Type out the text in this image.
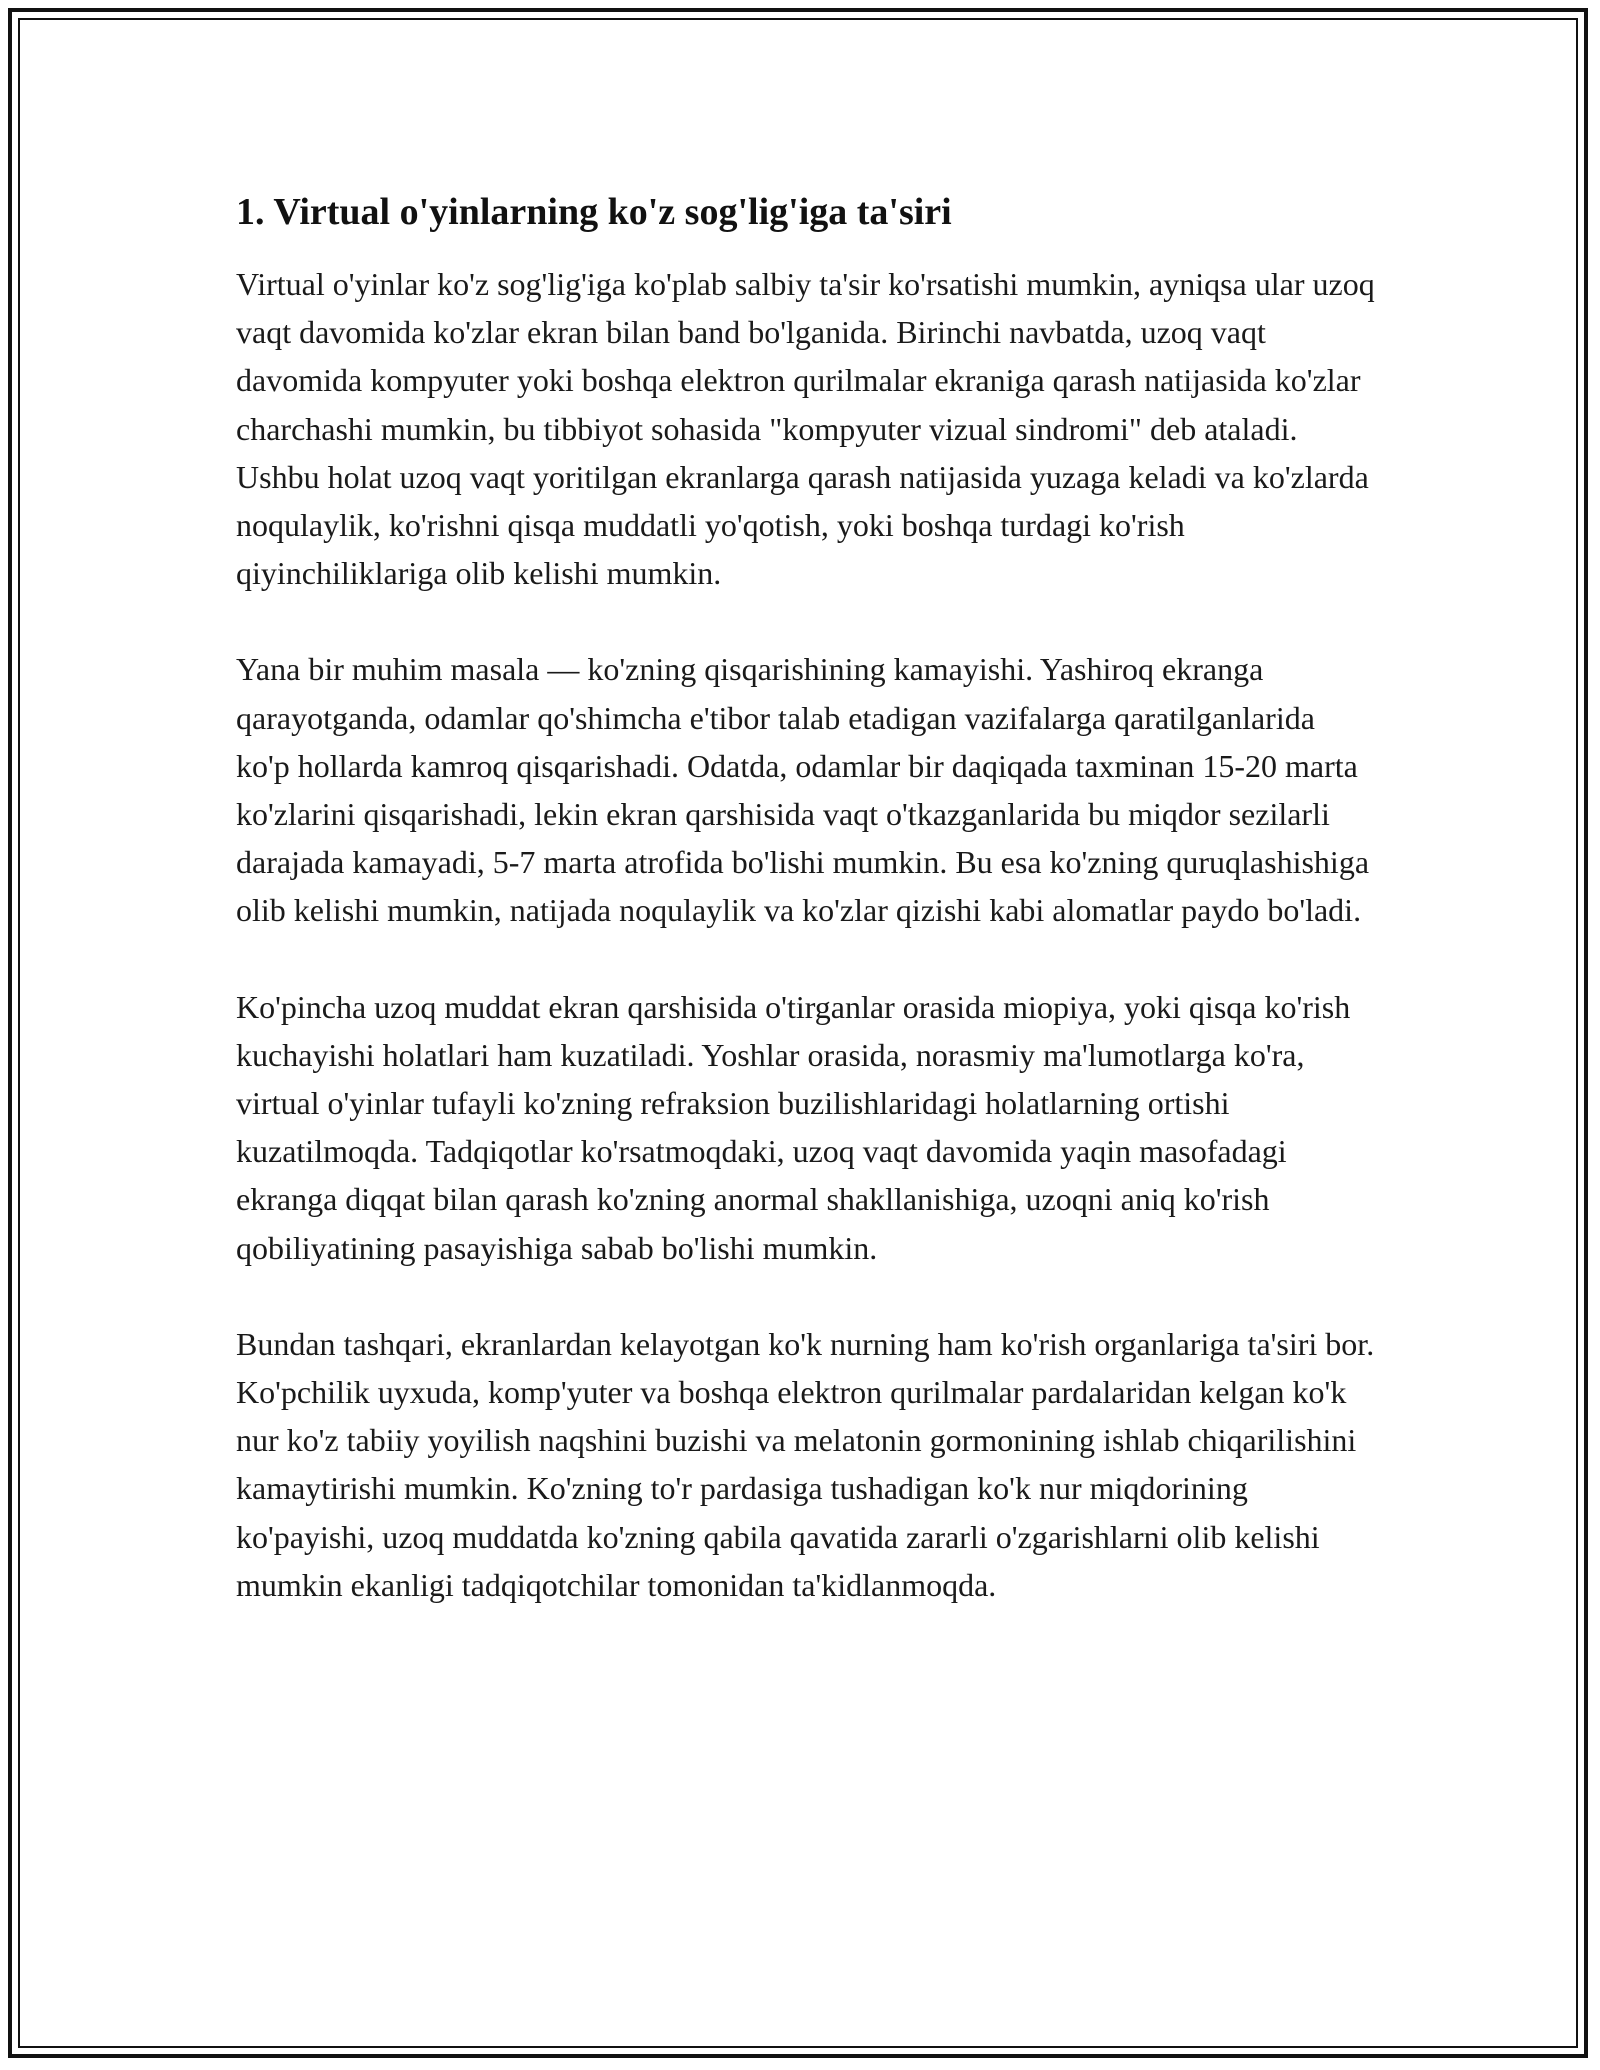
1. Virtual o'yinlarning ko'z sog'lig'iga ta'siri

Virtual o'yinlar ko'z sog'lig'iga ko'plab salbiy ta'sir ko'rsatishi mumkin, ayniqsa ular uzoq vaqt davomida ko'zlar ekran bilan band bo'lganida. Birinchi navbatda, uzoq vaqt davomida kompyuter yoki boshqa elektron qurilmalar ekraniga qarash natijasida ko'zlar charchashi mumkin, bu tibbiyot sohasida "kompyuter vizual sindromi" deb ataladi. Ushbu holat uzoq vaqt yoritilgan ekranlarga qarash natijasida yuzaga keladi va ko'zlarda noqulaylik, ko'rishni qisqa muddatli yo'qotish, yoki boshqa turdagi ko'rish qiyinchiliklariga olib kelishi mumkin.

Yana bir muhim masala — ko'zning qisqarishining kamayishi. Yashiroq ekranga qarayotganda, odamlar qo'shimcha e'tibor talab etadigan vazifalarga qaratilganlarida ko'p hollarda kamroq qisqarishadi. Odatda, odamlar bir daqiqada taxminan 15-20 marta ko'zlarini qisqarishadi, lekin ekran qarshisida vaqt o'tkazganlarida bu miqdor sezilarli darajada kamayadi, 5-7 marta atrofida bo'lishi mumkin. Bu esa ko'zning quruqlashishiga olib kelishi mumkin, natijada noqulaylik va ko'zlar qizishi kabi alomatlar paydo bo'ladi.

Ko'pincha uzoq muddat ekran qarshisida o'tirganlar orasida miopiya, yoki qisqa ko'rish kuchayishi holatlari ham kuzatiladi. Yoshlar orasida, norasmiy ma'lumotlarga ko'ra, virtual o'yinlar tufayli ko'zning refraksion buzilishlaridagi holatlarning ortishi kuzatilmoqda. Tadqiqotlar ko'rsatmoqdaki, uzoq vaqt davomida yaqin masofadagi ekranga diqqat bilan qarash ko'zning anormal shakllanishiga, uzoqni aniq ko'rish qobiliyatining pasayishiga sabab bo'lishi mumkin.

Bundan tashqari, ekranlardan kelayotgan ko'k nurning ham ko'rish organlariga ta'siri bor. Ko'pchilik uyxuda, komp'yuter va boshqa elektron qurilmalar pardalaridan kelgan ko'k nur ko'z tabiiy yoyilish naqshini buzishi va melatonin gormonining ishlab chiqarilishini kamaytirishi mumkin. Ko'zning to'r pardasiga tushadigan ko'k nur miqdorining ko'payishi, uzoq muddatda ko'zning qabila qavatida zararli o'zgarishlarni olib kelishi mumkin ekanligi tadqiqotchilar tomonidan ta'kidlanmoqda.
